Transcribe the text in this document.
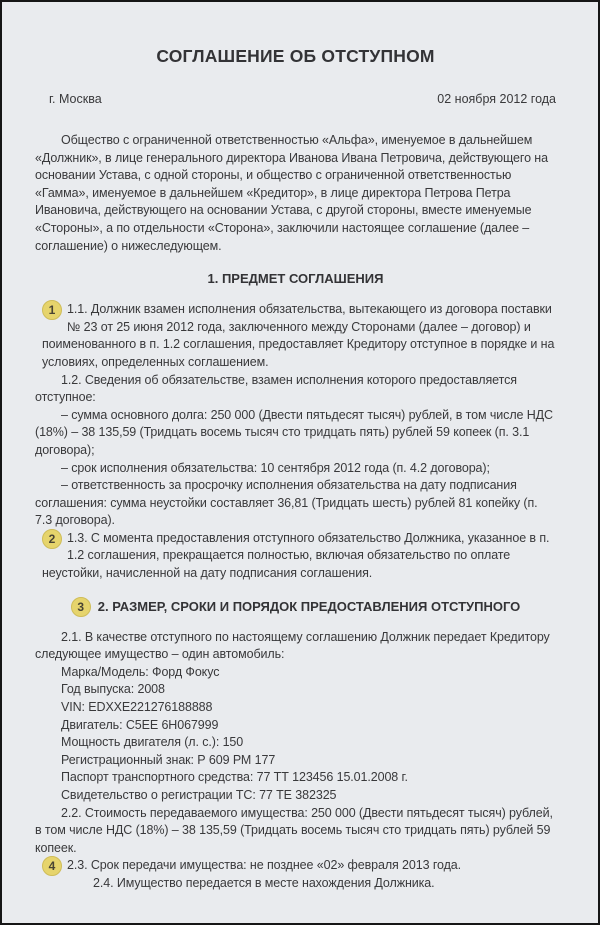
СОГЛАШЕНИЕ ОБ ОТСТУПНОМ
г. Москва	02 ноября 2012 года

Общество с ограниченной ответственностью «Альфа», именуемое в дальнейшем «Должник», в лице генерального директора Иванова Ивана Петровича, действующего на основании Устава, с одной стороны, и общество с ограниченной ответственностью «Гамма», именуемое в дальнейшем «Кредитор», в лице директора Петрова Петра Ивановича, действующего на основании Устава, с другой стороны, вместе именуемые «Стороны», а по отдельности «Сторона», заключили настоящее соглашение (далее – соглашение) о нижеследующем.

1. ПРЕДМЕТ СОГЛАШЕНИЯ
1 1.1. Должник взамен исполнения обязательства, вытекающего из договора поставки № 23 от 25 июня 2012 года, заключенного между Сторонами (далее – договор) и поименованного в п. 1.2 соглашения, предоставляет Кредитору отступное в порядке и на условиях, определенных соглашением.

1.2. Сведения об обязательстве, взамен исполнения которого предоставляется отступное:

– сумма основного долга: 250 000 (Двести пятьдесят тысяч) рублей, в том числе НДС (18%) – 38 135,59 (Тридцать восемь тысяч сто тридцать пять) рублей 59 копеек (п. 3.1 договора);

– срок исполнения обязательства: 10 сентября 2012 года (п. 4.2 договора);

– ответственность за просрочку исполнения обязательства на дату подписания соглашения: сумма неустойки составляет 36,81 (Тридцать шесть) рублей 81 копейку (п. 7.3 договора).

2 1.3. С момента предоставления отступного обязательство Должника, указанное в п. 1.2 соглашения, прекращается полностью, включая обязательство по оплате неустойки, начисленной на дату подписания соглашения.

3	2. РАЗМЕР, СРОКИ И ПОРЯДОК ПРЕДОСТАВЛЕНИЯ ОТСТУПНОГО

2.1. В качестве отступного по настоящему соглашению Должник передает Кредитору следующее имущество – один автомобиль:

Марка/Модель: Форд Фокус
Год выпуска: 2008
VIN: EDXXE221276188888
Двигатель: C5EE 6H067999
Мощность двигателя (л. с.): 150
Регистрационный знак: Р 609 РМ 177
Паспорт транспортного средства: 77 ТТ 123456 15.01.2008 г.
Свидетельство о регистрации ТС: 77 ТЕ 382325

2.2. Стоимость передаваемого имущества: 250 000 (Двести пятьдесят тысяч) рублей, в том числе НДС (18%) – 38 135,59 (Тридцать восемь тысяч сто тридцать пять) рублей 59 копеек.

4 2.3. Срок передачи имущества: не позднее «02» февраля 2013 года.

2.4. Имущество передается в месте нахождения Должника.
